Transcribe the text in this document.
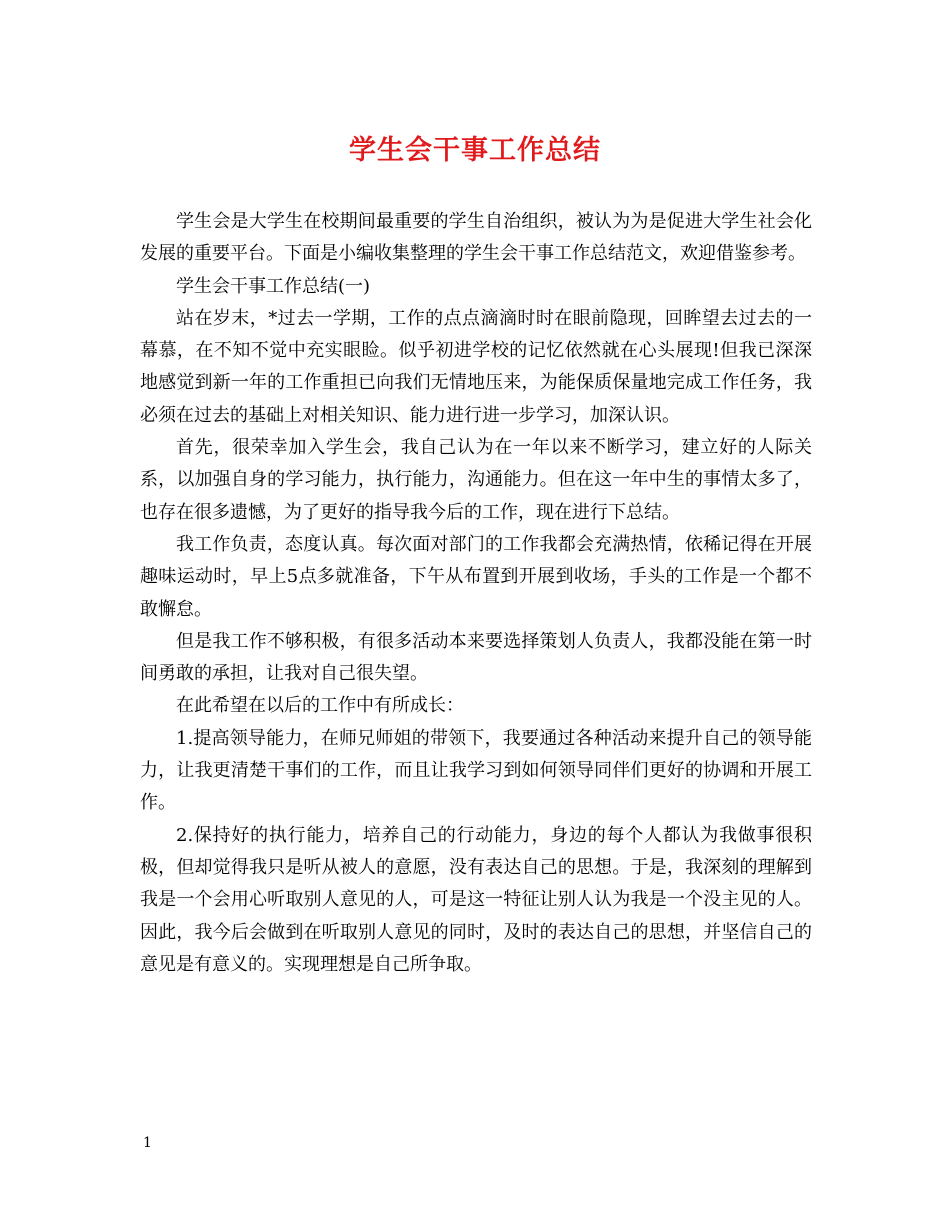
学生会干事工作总结

学生会是大学生在校期间最重要的学生自治组织，被认为为是促进大学生社会化发展的重要平台。下面是小编收集整理的学生会干事工作总结范文，欢迎借鉴参考。

学生会干事工作总结(一)

站在岁末，*过去一学期，工作的点点滴滴时时在眼前隐现，回眸望去过去的一幕慕，在不知不觉中充实眼睑。似乎初进学校的记忆依然就在心头展现!但我已深深地感觉到新一年的工作重担已向我们无情地压来，为能保质保量地完成工作任务，我必须在过去的基础上对相关知识、能力进行进一步学习，加深认识。

首先，很荣幸加入学生会，我自己认为在一年以来不断学习，建立好的人际关系，以加强自身的学习能力，执行能力，沟通能力。但在这一年中生的事情太多了，也存在很多遗憾，为了更好的指导我今后的工作，现在进行下总结。

我工作负责，态度认真。每次面对部门的工作我都会充满热情，依稀记得在开展趣味运动时，早上5点多就准备，下午从布置到开展到收场，手头的工作是一个都不敢懈怠。

但是我工作不够积极，有很多活动本来要选择策划人负责人，我都没能在第一时间勇敢的承担，让我对自己很失望。

在此希望在以后的工作中有所成长：

1.提高领导能力，在师兄师姐的带领下，我要通过各种活动来提升自己的领导能力，让我更清楚干事们的工作，而且让我学习到如何领导同伴们更好的协调和开展工作。

2.保持好的执行能力，培养自己的行动能力，身边的每个人都认为我做事很积极，但却觉得我只是听从被人的意愿，没有表达自己的思想。于是，我深刻的理解到我是一个会用心听取别人意见的人，可是这一特征让别人认为我是一个没主见的人。因此，我今后会做到在听取别人意见的同时，及时的表达自己的思想，并坚信自己的意见是有意义的。实现理想是自己所争取。

1
